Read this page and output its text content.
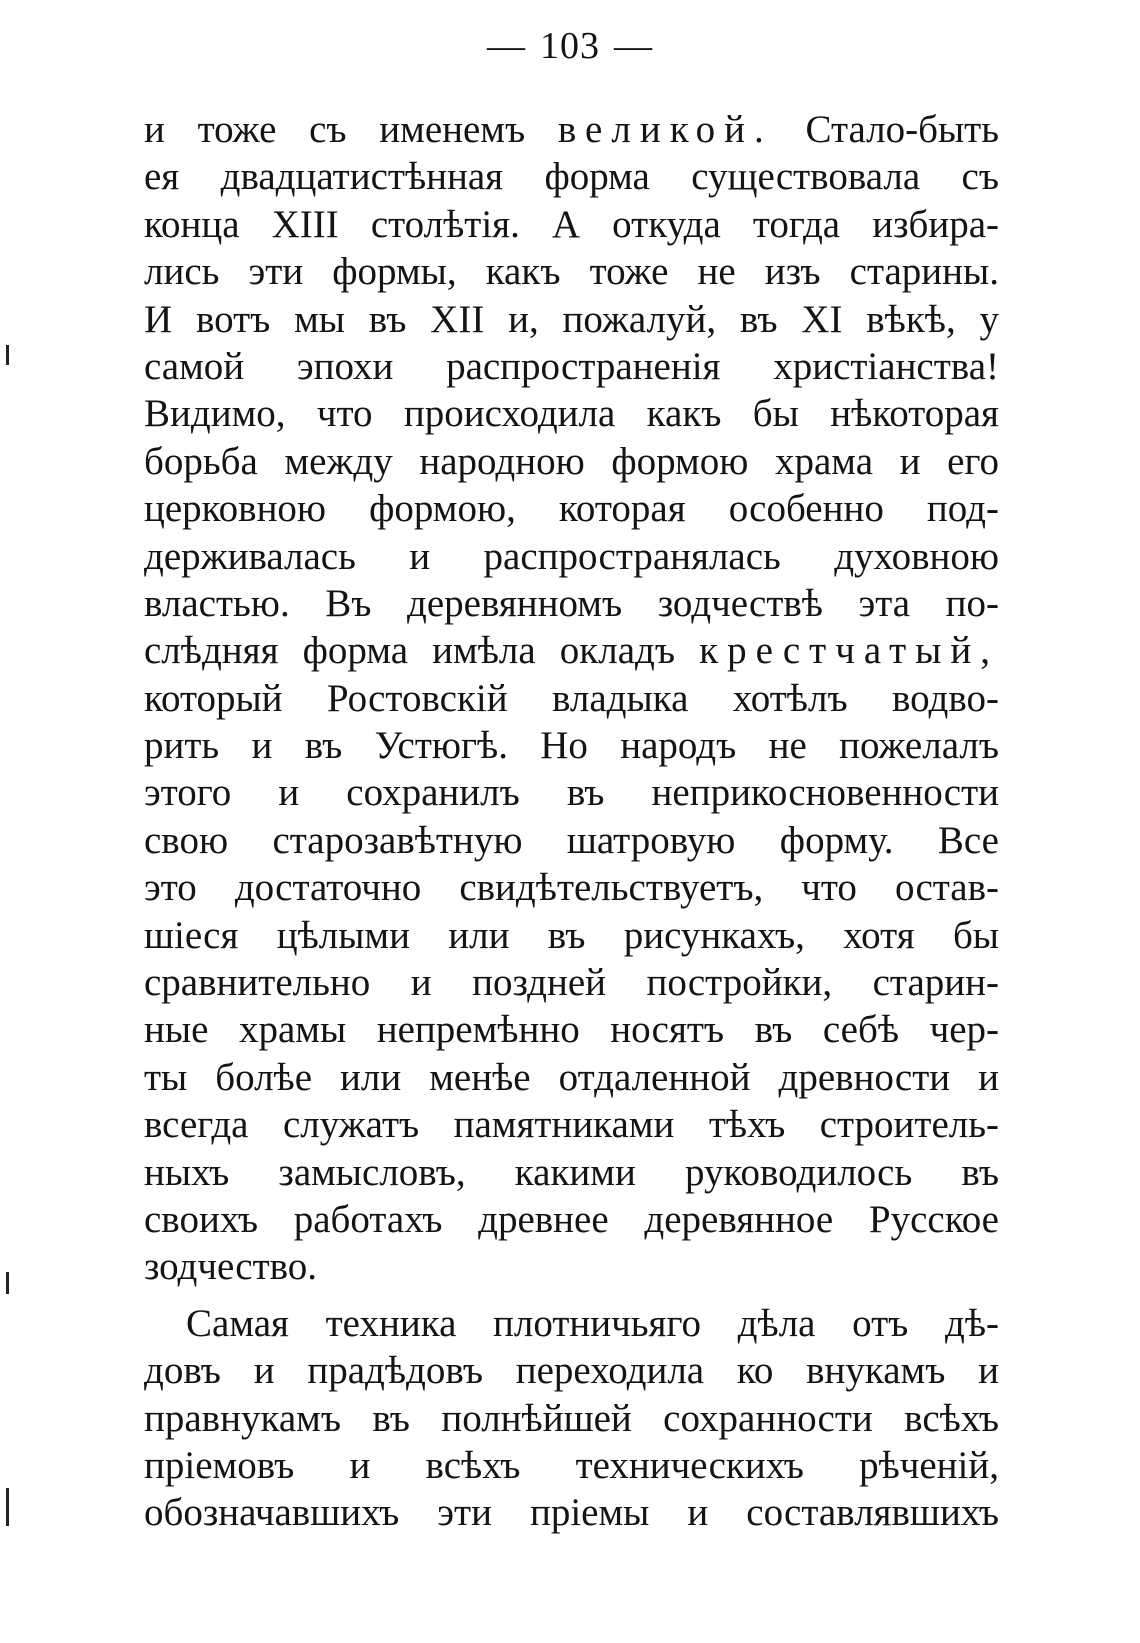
— 103 —
и тоже съ именемъ великой. Стало-быть
ея двадцатистѣнная форма существовала съ
конца XIII столѣтія. А откуда тогда избира-
лись эти формы, какъ тоже не изъ старины.
И вотъ мы въ XII и, пожалуй, въ XI вѣкѣ, у
самой эпохи распространенія христіанства!
Видимо, что происходила какъ бы нѣкоторая
борьба между народною формою храма и его
церковною формою, которая особенно под-
держивалась и распространялась духовною
властью. Въ деревянномъ зодчествѣ эта по-
слѣдняя форма имѣла окладъ крестчатый,
который Ростовскій владыка хотѣлъ водво-
рить и въ Устюгѣ. Но народъ не пожелалъ
этого и сохранилъ въ неприкосновенности
свою старозавѣтную шатровую форму. Все
это достаточно свидѣтельствуетъ, что остав-
шіеся цѣлыми или въ рисункахъ, хотя бы
сравнительно и поздней постройки, старин-
ные храмы непремѣнно носятъ въ себѣ чер-
ты болѣе или менѣе отдаленной древности и
всегда служатъ памятниками тѣхъ строитель-
ныхъ замысловъ, какими руководилось въ
своихъ работахъ древнее деревянное Русское
зодчество.
Самая техника плотничьяго дѣла отъ дѣ-
довъ и прадѣдовъ переходила ко внукамъ и
правнукамъ въ полнѣйшей сохранности всѣхъ
пріемовъ и всѣхъ техническихъ рѣченій,
обозначавшихъ эти пріемы и составлявшихъ
